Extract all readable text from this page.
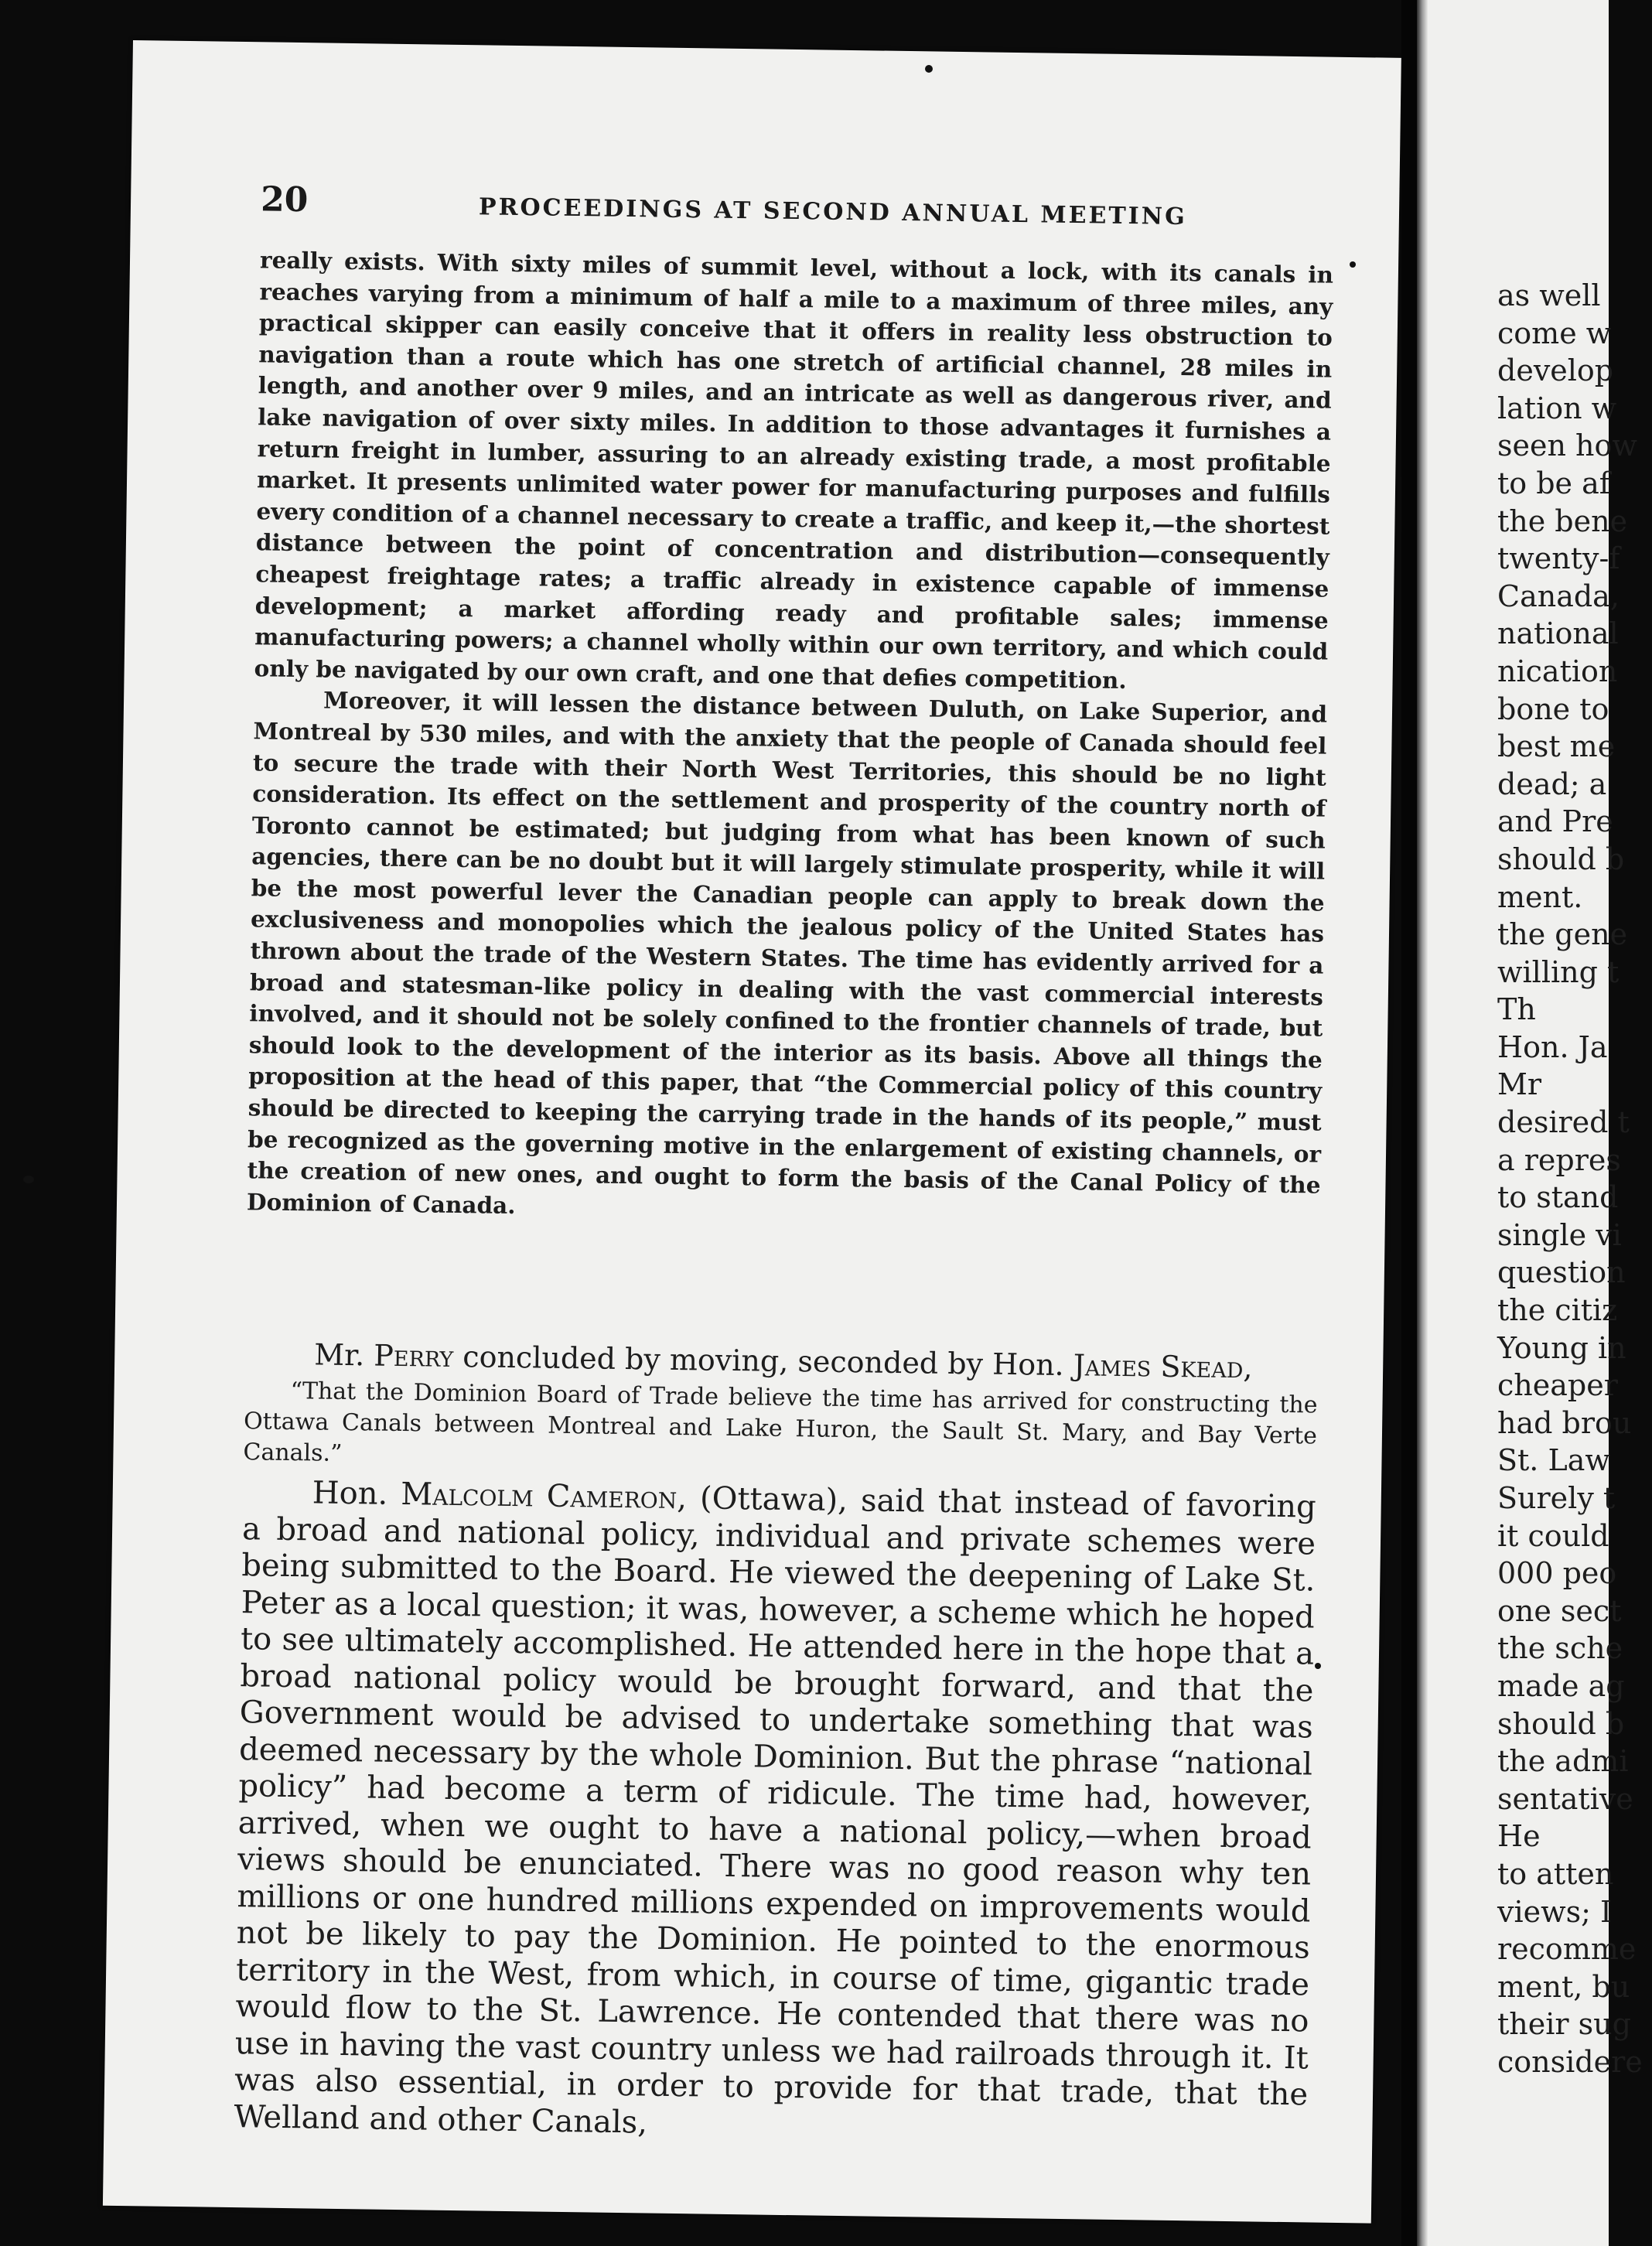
20	PROCEEDINGS AT SECOND ANNUAL MEETING

really exists. With sixty miles of summit level, without a lock, with its canals in reaches varying from a minimum of half a mile to a maximum of three miles, any practical skipper can easily conceive that it offers in reality less obstruction to navigation than a route which has one stretch of artificial channel, 28 miles in length, and another over 9 miles, and an intricate as well as dangerous river, and lake navigation of over sixty miles. In addition to those advantages it furnishes a return freight in lumber, assuring to an already existing trade, a most profitable market. It presents unlimited water power for manufacturing purposes and fulfills every condition of a channel necessary to create a traffic, and keep it,—the shortest distance between the point of concentration and distribution—consequently cheapest freightage rates; a traffic already in existence capable of immense development; a market affording ready and profitable sales; immense manufacturing powers; a channel wholly within our own territory, and which could only be navigated by our own craft, and one that defies competition.

Moreover, it will lessen the distance between Duluth, on Lake Superior, and Montreal by 530 miles, and with the anxiety that the people of Canada should feel to secure the trade with their North West Territories, this should be no light consideration. Its effect on the settlement and prosperity of the country north of Toronto cannot be estimated; but judging from what has been known of such agencies, there can be no doubt but it will largely stimulate prosperity, while it will be the most powerful lever the Canadian people can apply to break down the exclusiveness and monopolies which the jealous policy of the United States has thrown about the trade of the Western States. The time has evidently arrived for a broad and statesman-like policy in dealing with the vast commercial interests involved, and it should not be solely confined to the frontier channels of trade, but should look to the development of the interior as its basis. Above all things the proposition at the head of this paper, that “the Commercial policy of this country should be directed to keeping the carrying trade in the hands of its people,” must be recognized as the governing motive in the enlargement of existing channels, or the creation of new ones, and ought to form the basis of the Canal Policy of the Dominion of Canada.

Mr. Perry concluded by moving, seconded by Hon. James Skead,

“That the Dominion Board of Trade believe the time has arrived for constructing the Ottawa Canals between Montreal and Lake Huron, the Sault St. Mary, and Bay Verte Canals.”

Hon. Malcolm Cameron, (Ottawa), said that instead of favoring a broad and national policy, individual and private schemes were being submitted to the Board. He viewed the deepening of Lake St. Peter as a local question; it was, however, a scheme which he hoped to see ultimately accomplished. He attended here in the hope that a broad national policy would be brought forward, and that the Government would be advised to undertake something that was deemed necessary by the whole Dominion. But the phrase “national policy” had become a term of ridicule. The time had, however, arrived, when we ought to have a national policy,—when broad views should be enunciated. There was no good reason why ten millions or one hundred millions expended on improvements would not be likely to pay the Dominion. He pointed to the enormous territory in the West, from which, in course of time, gigantic trade would flow to the St. Lawrence. He contended that there was no use in having the vast country unless we had railroads through it. It was also essential, in order to provide for that trade, that the Welland and other Canals,

as well
come w
develop
lation w
seen how
to be af
the bene
twenty-f
Canada,
national
nication
bone to
best me
dead; a
and Pre
should b
ment.
the gene
willing t
Th
Hon. Ja
Mr
desired t
a repres
to stand
single vi
question
the citiz
Young in
cheaper
had brou
St. Law
Surely t
it could
000 peo
one sect
the sche
made ag
should b
the admi
sentative
He
to atten
views; I
recomme
ment, bu
their sug
considere
